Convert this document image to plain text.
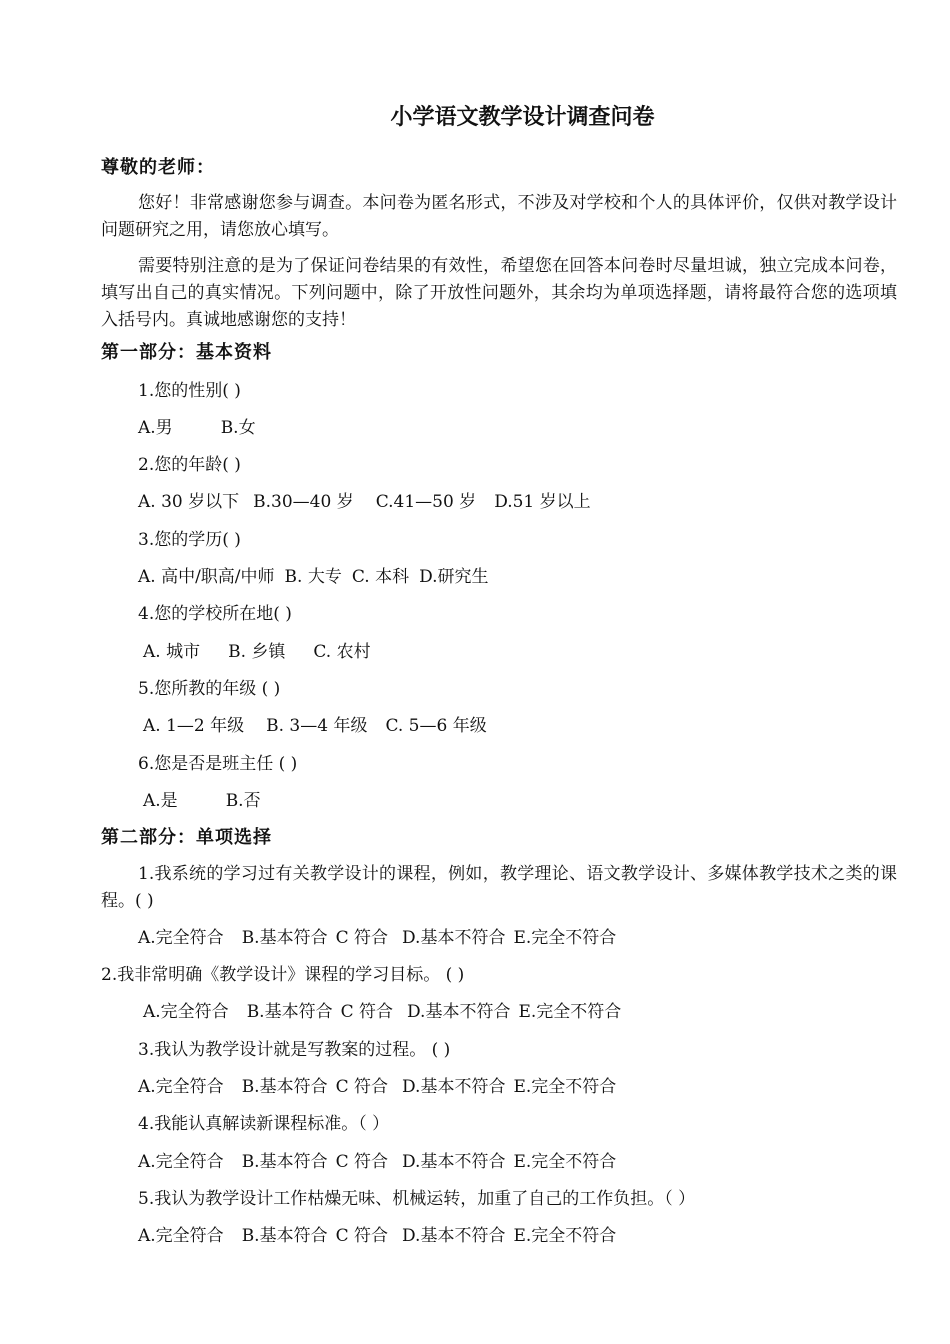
小学语文教学设计调查问卷
尊敬的老师：
您好！非常感谢您参与调查。本问卷为匿名形式，不涉及对学校和个人的具体评价，仅供对教学设计问题研究之用，请您放心填写。
需要特别注意的是为了保证问卷结果的有效性，希望您在回答本问卷时尽量坦诚，独立完成本问卷，填写出自己的真实情况。下列问题中，除了开放性问题外，其余均为单项选择题，请将最符合您的选项填入括号内。真诚地感谢您的支持！
第一部分：基本资料
1.您的性别( )
A.男	B.女
2.您的年龄( )
A. 30 岁以下 B.30—40 岁 C.41—50 岁 D.51 岁以上
3.您的学历( )
A. 高中/职高/中师 B. 大专 C. 本科 D.研究生
4.您的学校所在地( )
A. 城市 B. 乡镇 C. 农村
5.您所教的年级 ( )
A. 1—2 年级 B. 3—4 年级 C. 5—6 年级
6.您是否是班主任 ( )
A.是	B.否
第二部分：单项选择
1.我系统的学习过有关教学设计的课程，例如，教学理论、语文教学设计、多媒体教学技术之类的课程。( )
A.完全符合 B.基本符合 C 符合 D.基本不符合 E.完全不符合
2.我非常明确《教学设计》课程的学习目标。 ( )
A.完全符合 B.基本符合 C 符合 D.基本不符合 E.完全不符合
3.我认为教学设计就是写教案的过程。 ( )
A.完全符合 B.基本符合 C 符合 D.基本不符合 E.完全不符合
4.我能认真解读新课程标准。（ ）
A.完全符合 B.基本符合 C 符合 D.基本不符合 E.完全不符合
5.我认为教学设计工作枯燥无味、机械运转，加重了自己的工作负担。（ ）
A.完全符合 B.基本符合 C 符合 D.基本不符合 E.完全不符合
